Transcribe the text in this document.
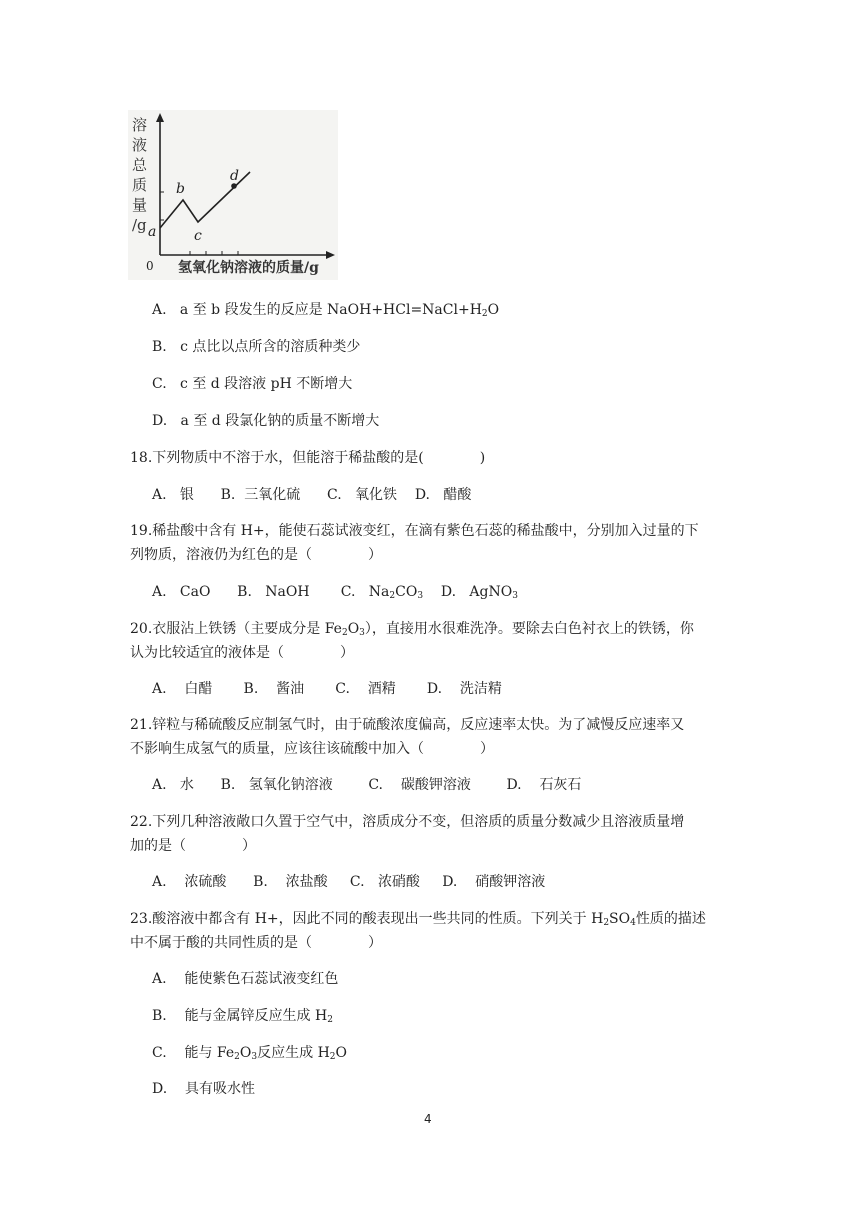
溶
液
总
质
量
/g a
b
c
d
0 氢氧化钠溶液的质量/g
A. a 至 b 段发生的反应是 $NaOH+HCl=NaCl+H_2O$
B. c 点比以点所含的溶质种类少
C. c 至 d 段溶液 pH 不断增大
D. a 至 d 段氯化钠的质量不断增大
18.下列物质中不溶于水，但能溶于稀盐酸的是(　　　　)
A. 银 B. 三氧化硫 C. 氧化铁 D. 醋酸
19.稀盐酸中含有 H+，能使石蕊试液变红，在滴有紫色石蕊的稀盐酸中，分别加入过量的下
列物质，溶液仍为红色的是（　　　　）
A. CaO B. NaOH C. $Na_2CO_3$ D. AgNO$_3$
20.衣服沾上铁锈（主要成分是 $Fe_2O_3$），直接用水很难洗净。要除去白色衬衣上的铁锈，你
认为比较适宜的液体是（　　　　）
A. 白醋 B. 酱油 C. 酒精 D. 洗洁精
21.锌粒与稀硫酸反应制氢气时，由于硫酸浓度偏高，反应速率太快。为了减慢反应速率又
不影响生成氢气的质量，应该往该硫酸中加入（　　　　）
A. 水 B. 氢氧化钠溶液	C. 碳酸钾溶液	D. 石灰石
22.下列几种溶液敞口久置于空气中，溶质成分不变，但溶质的质量分数减少且溶液质量增
加的是（　　　　）
A. 浓硫酸 B. 浓盐酸 C. 浓硝酸 D. 硝酸钾溶液
23.酸溶液中都含有 H+，因此不同的酸表现出一些共同的性质。下列关于 $H_2SO_4$性质的描述
中不属于酸的共同性质的是（　　　　）
A. 能使紫色石蕊试液变红色
B. 能与金属锌反应生成 $H_2$
C. 能与 $Fe_2O_3$反应生成 $H_2O$
D. 具有吸水性
4
